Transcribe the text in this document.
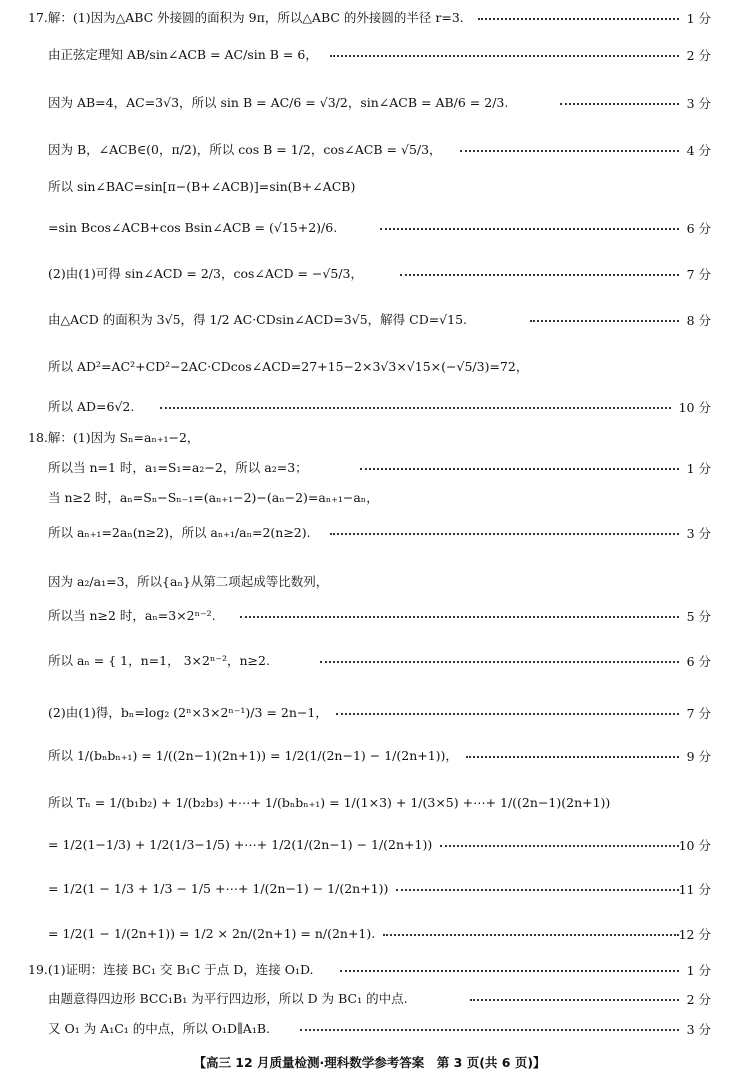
17.解：(1)因为△ABC 外接圆的面积为 9π，所以△ABC 的外接圆的半径 r=3.	1 分
由正弦定理知 AB/sin∠ACB = AC/sin B = 6，	2 分
因为 AB=4，AC=3√3，所以 sin B = AC/6 = √3/2，sin∠ACB = AB/6 = 2/3.	3 分
因为 B，∠ACB∈(0，π/2)，所以 cos B = 1/2，cos∠ACB = √5/3，	4 分
所以 sin∠BAC=sin[π−(B+∠ACB)]=sin(B+∠ACB)
=sin Bcos∠ACB+cos Bsin∠ACB = (√15+2)/6.	6 分
(2)由(1)可得 sin∠ACD = 2/3，cos∠ACD = −√5/3，	7 分
由△ACD 的面积为 3√5，得 1/2 AC·CDsin∠ACD=3√5，解得 CD=√15.	8 分
所以 AD²=AC²+CD²−2AC·CDcos∠ACD=27+15−2×3√3×√15×(−√5/3)=72，
所以 AD=6√2.	10 分
18.解：(1)因为 Sₙ=aₙ₊₁−2，
所以当 n=1 时，a₁=S₁=a₂−2，所以 a₂=3；	1 分
当 n≥2 时，aₙ=Sₙ−Sₙ₋₁=(aₙ₊₁−2)−(aₙ−2)=aₙ₊₁−aₙ，
所以 aₙ₊₁=2aₙ(n≥2)，所以 aₙ₊₁/aₙ=2(n≥2).	3 分
因为 a₂/a₁=3，所以{aₙ}从第二项起成等比数列，
所以当 n≥2 时，aₙ=3×2ⁿ⁻².	5 分
所以 aₙ = { 1，n=1， 3×2ⁿ⁻²，n≥2.	6 分
(2)由(1)得，bₙ=log₂ (2ⁿ×3×2ⁿ⁻¹)/3 = 2n−1，	7 分
所以 1/(bₙbₙ₊₁) = 1/((2n−1)(2n+1)) = 1/2(1/(2n−1) − 1/(2n+1))，	9 分
所以 Tₙ = 1/(b₁b₂) + 1/(b₂b₃) +⋯+ 1/(bₙbₙ₊₁) = 1/(1×3) + 1/(3×5) +⋯+ 1/((2n−1)(2n+1))
= 1/2(1−1/3) + 1/2(1/3−1/5) +⋯+ 1/2(1/(2n−1) − 1/(2n+1))	10 分
= 1/2(1 − 1/3 + 1/3 − 1/5 +⋯+ 1/(2n−1) − 1/(2n+1))	11 分
= 1/2(1 − 1/(2n+1)) = 1/2 × 2n/(2n+1) = n/(2n+1).	12 分
19.(1)证明：连接 BC₁ 交 B₁C 于点 D，连接 O₁D.	1 分
由题意得四边形 BCC₁B₁ 为平行四边形，所以 D 为 BC₁ 的中点.	2 分
又 O₁ 为 A₁C₁ 的中点，所以 O₁D∥A₁B.	3 分
【高三 12 月质量检测·理科数学参考答案　第 3 页(共 6 页)】
